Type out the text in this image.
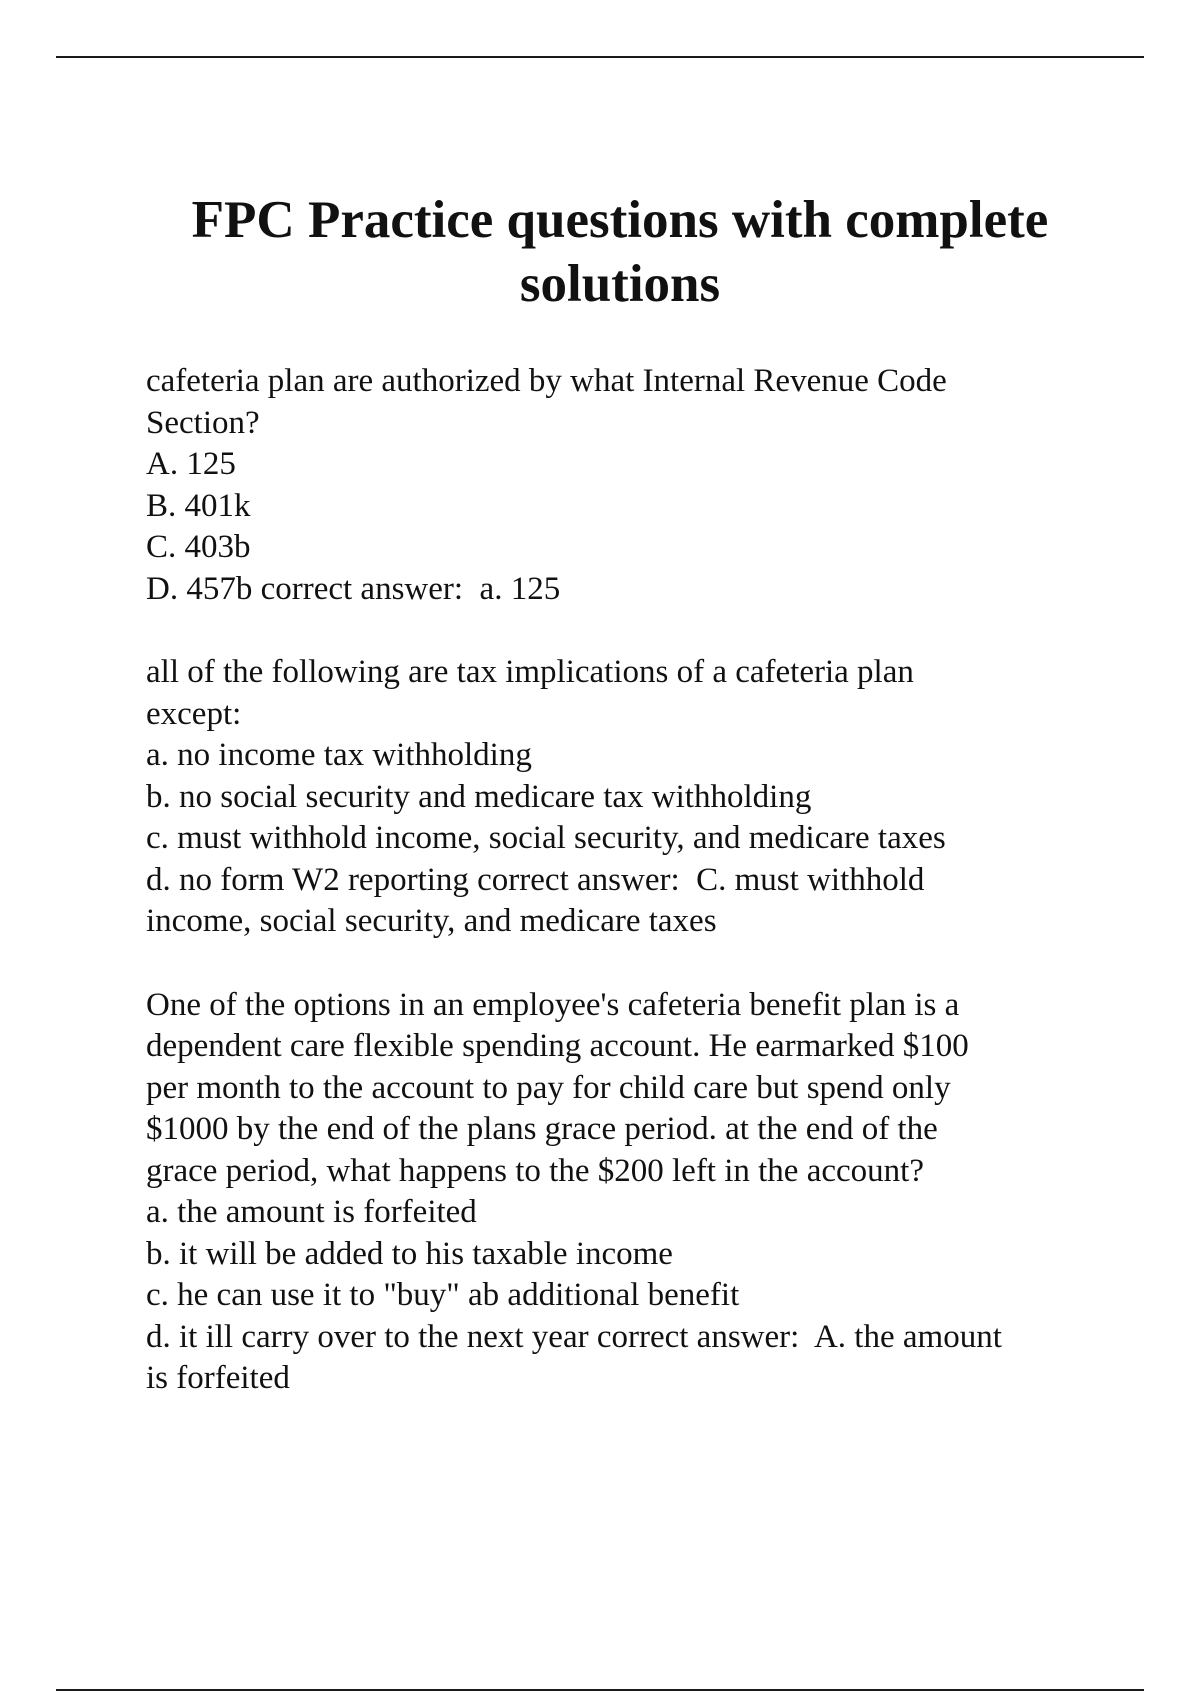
FPC Practice questions with complete
solutions
cafeteria plan are authorized by what Internal Revenue Code
Section?
A. 125
B. 401k
C. 403b
D. 457b correct answer:  a. 125
all of the following are tax implications of a cafeteria plan
except:
a. no income tax withholding
b. no social security and medicare tax withholding
c. must withhold income, social security, and medicare taxes
d. no form W2 reporting correct answer:  C. must withhold
income, social security, and medicare taxes
One of the options in an employee's cafeteria benefit plan is a
dependent care flexible spending account. He earmarked $100
per month to the account to pay for child care but spend only
$1000 by the end of the plans grace period. at the end of the
grace period, what happens to the $200 left in the account?
a. the amount is forfeited
b. it will be added to his taxable income
c. he can use it to "buy" ab additional benefit
d. it ill carry over to the next year correct answer:  A. the amount
is forfeited
